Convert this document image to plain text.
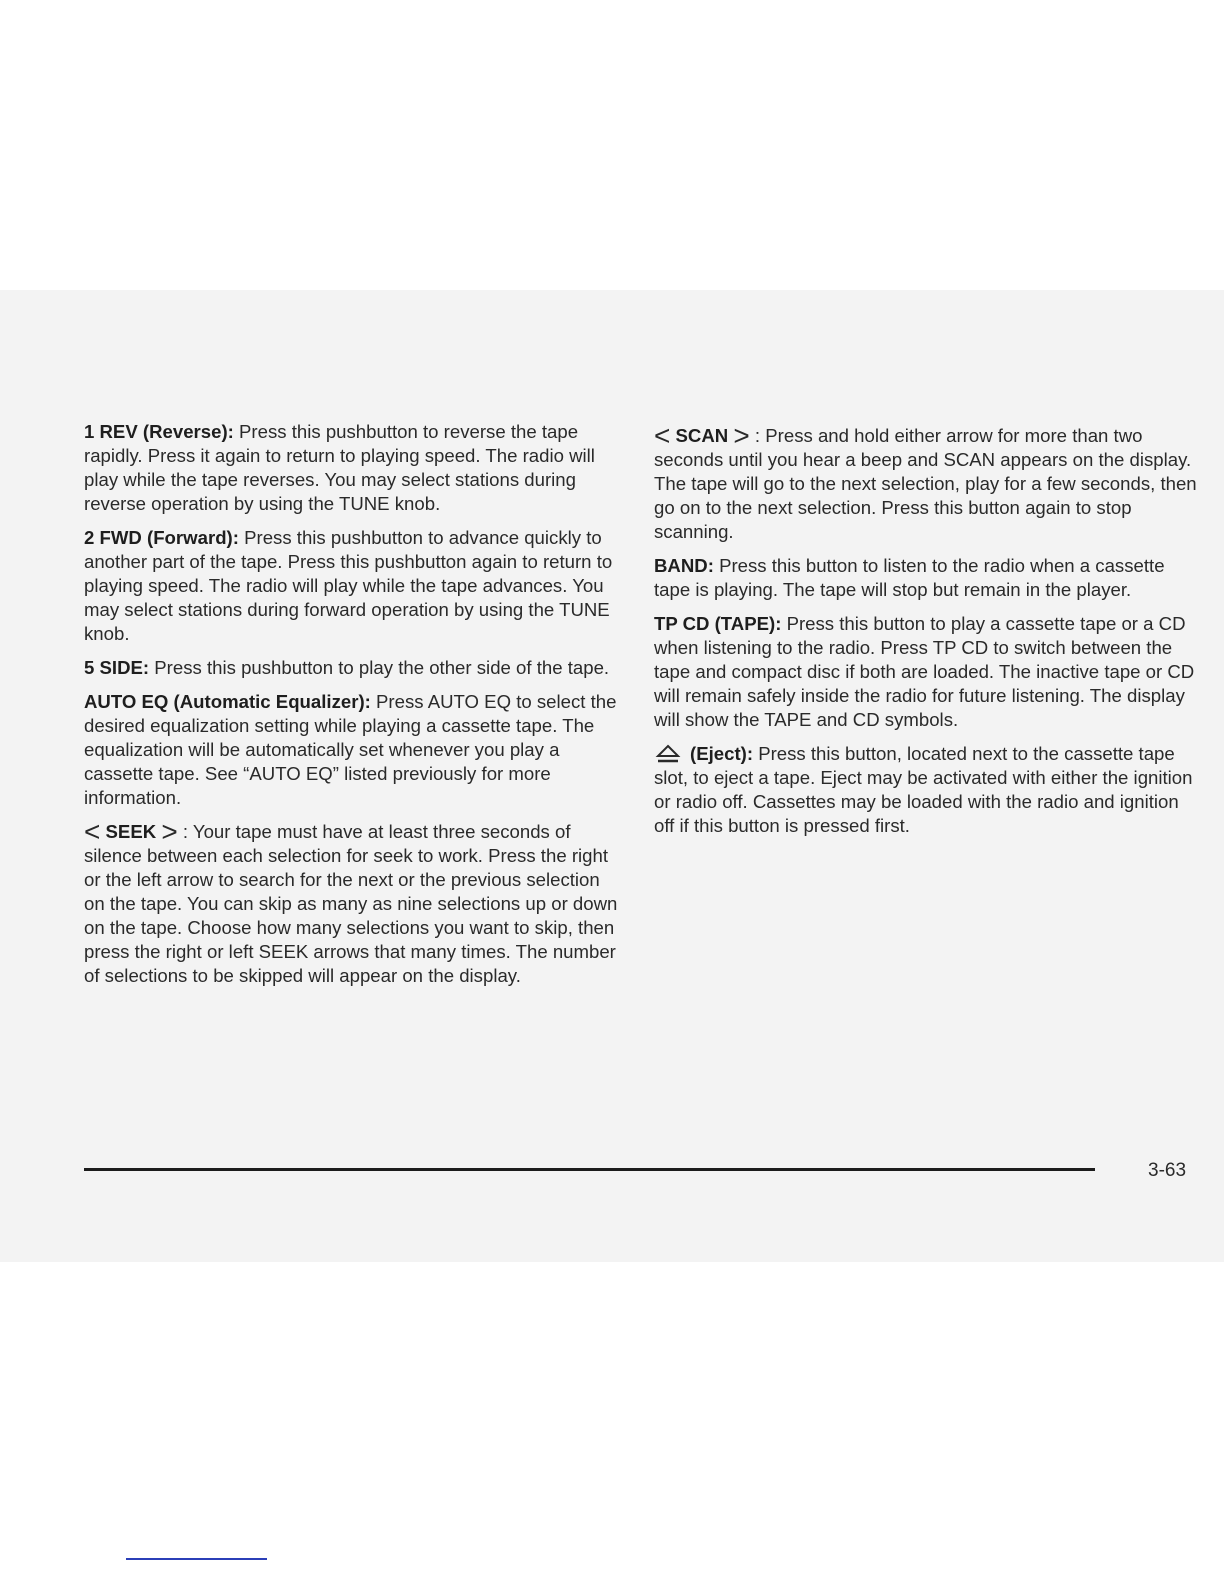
1 REV (Reverse): Press this pushbutton to reverse the tape rapidly. Press it again to return to playing speed. The radio will play while the tape reverses. You may select stations during reverse operation by using the TUNE knob.

2 FWD (Forward): Press this pushbutton to advance quickly to another part of the tape. Press this pushbutton again to return to playing speed. The radio will play while the tape advances. You may select stations during forward operation by using the TUNE knob.

5 SIDE: Press this pushbutton to play the other side of the tape.

AUTO EQ (Automatic Equalizer): Press AUTO EQ to select the desired equalization setting while playing a cassette tape. The equalization will be automatically set whenever you play a cassette tape. See “AUTO EQ” listed previously for more information.

< SEEK > : Your tape must have at least three seconds of silence between each selection for seek to work. Press the right or the left arrow to search for the next or the previous selection on the tape. You can skip as many as nine selections up or down on the tape. Choose how many selections you want to skip, then press the right or left SEEK arrows that many times. The number of selections to be skipped will appear on the display.

< SCAN > : Press and hold either arrow for more than two seconds until you hear a beep and SCAN appears on the display. The tape will go to the next selection, play for a few seconds, then go on to the next selection. Press this button again to stop scanning.

BAND: Press this button to listen to the radio when a cassette tape is playing. The tape will stop but remain in the player.

TP CD (TAPE): Press this button to play a cassette tape or a CD when listening to the radio. Press TP CD to switch between the tape and compact disc if both are loaded. The inactive tape or CD will remain safely inside the radio for future listening. The display will show the TAPE and CD symbols.

(Eject): Press this button, located next to the cassette tape slot, to eject a tape. Eject may be activated with either the ignition or radio off. Cassettes may be loaded with the radio and ignition off if this button is pressed first.

3-63
